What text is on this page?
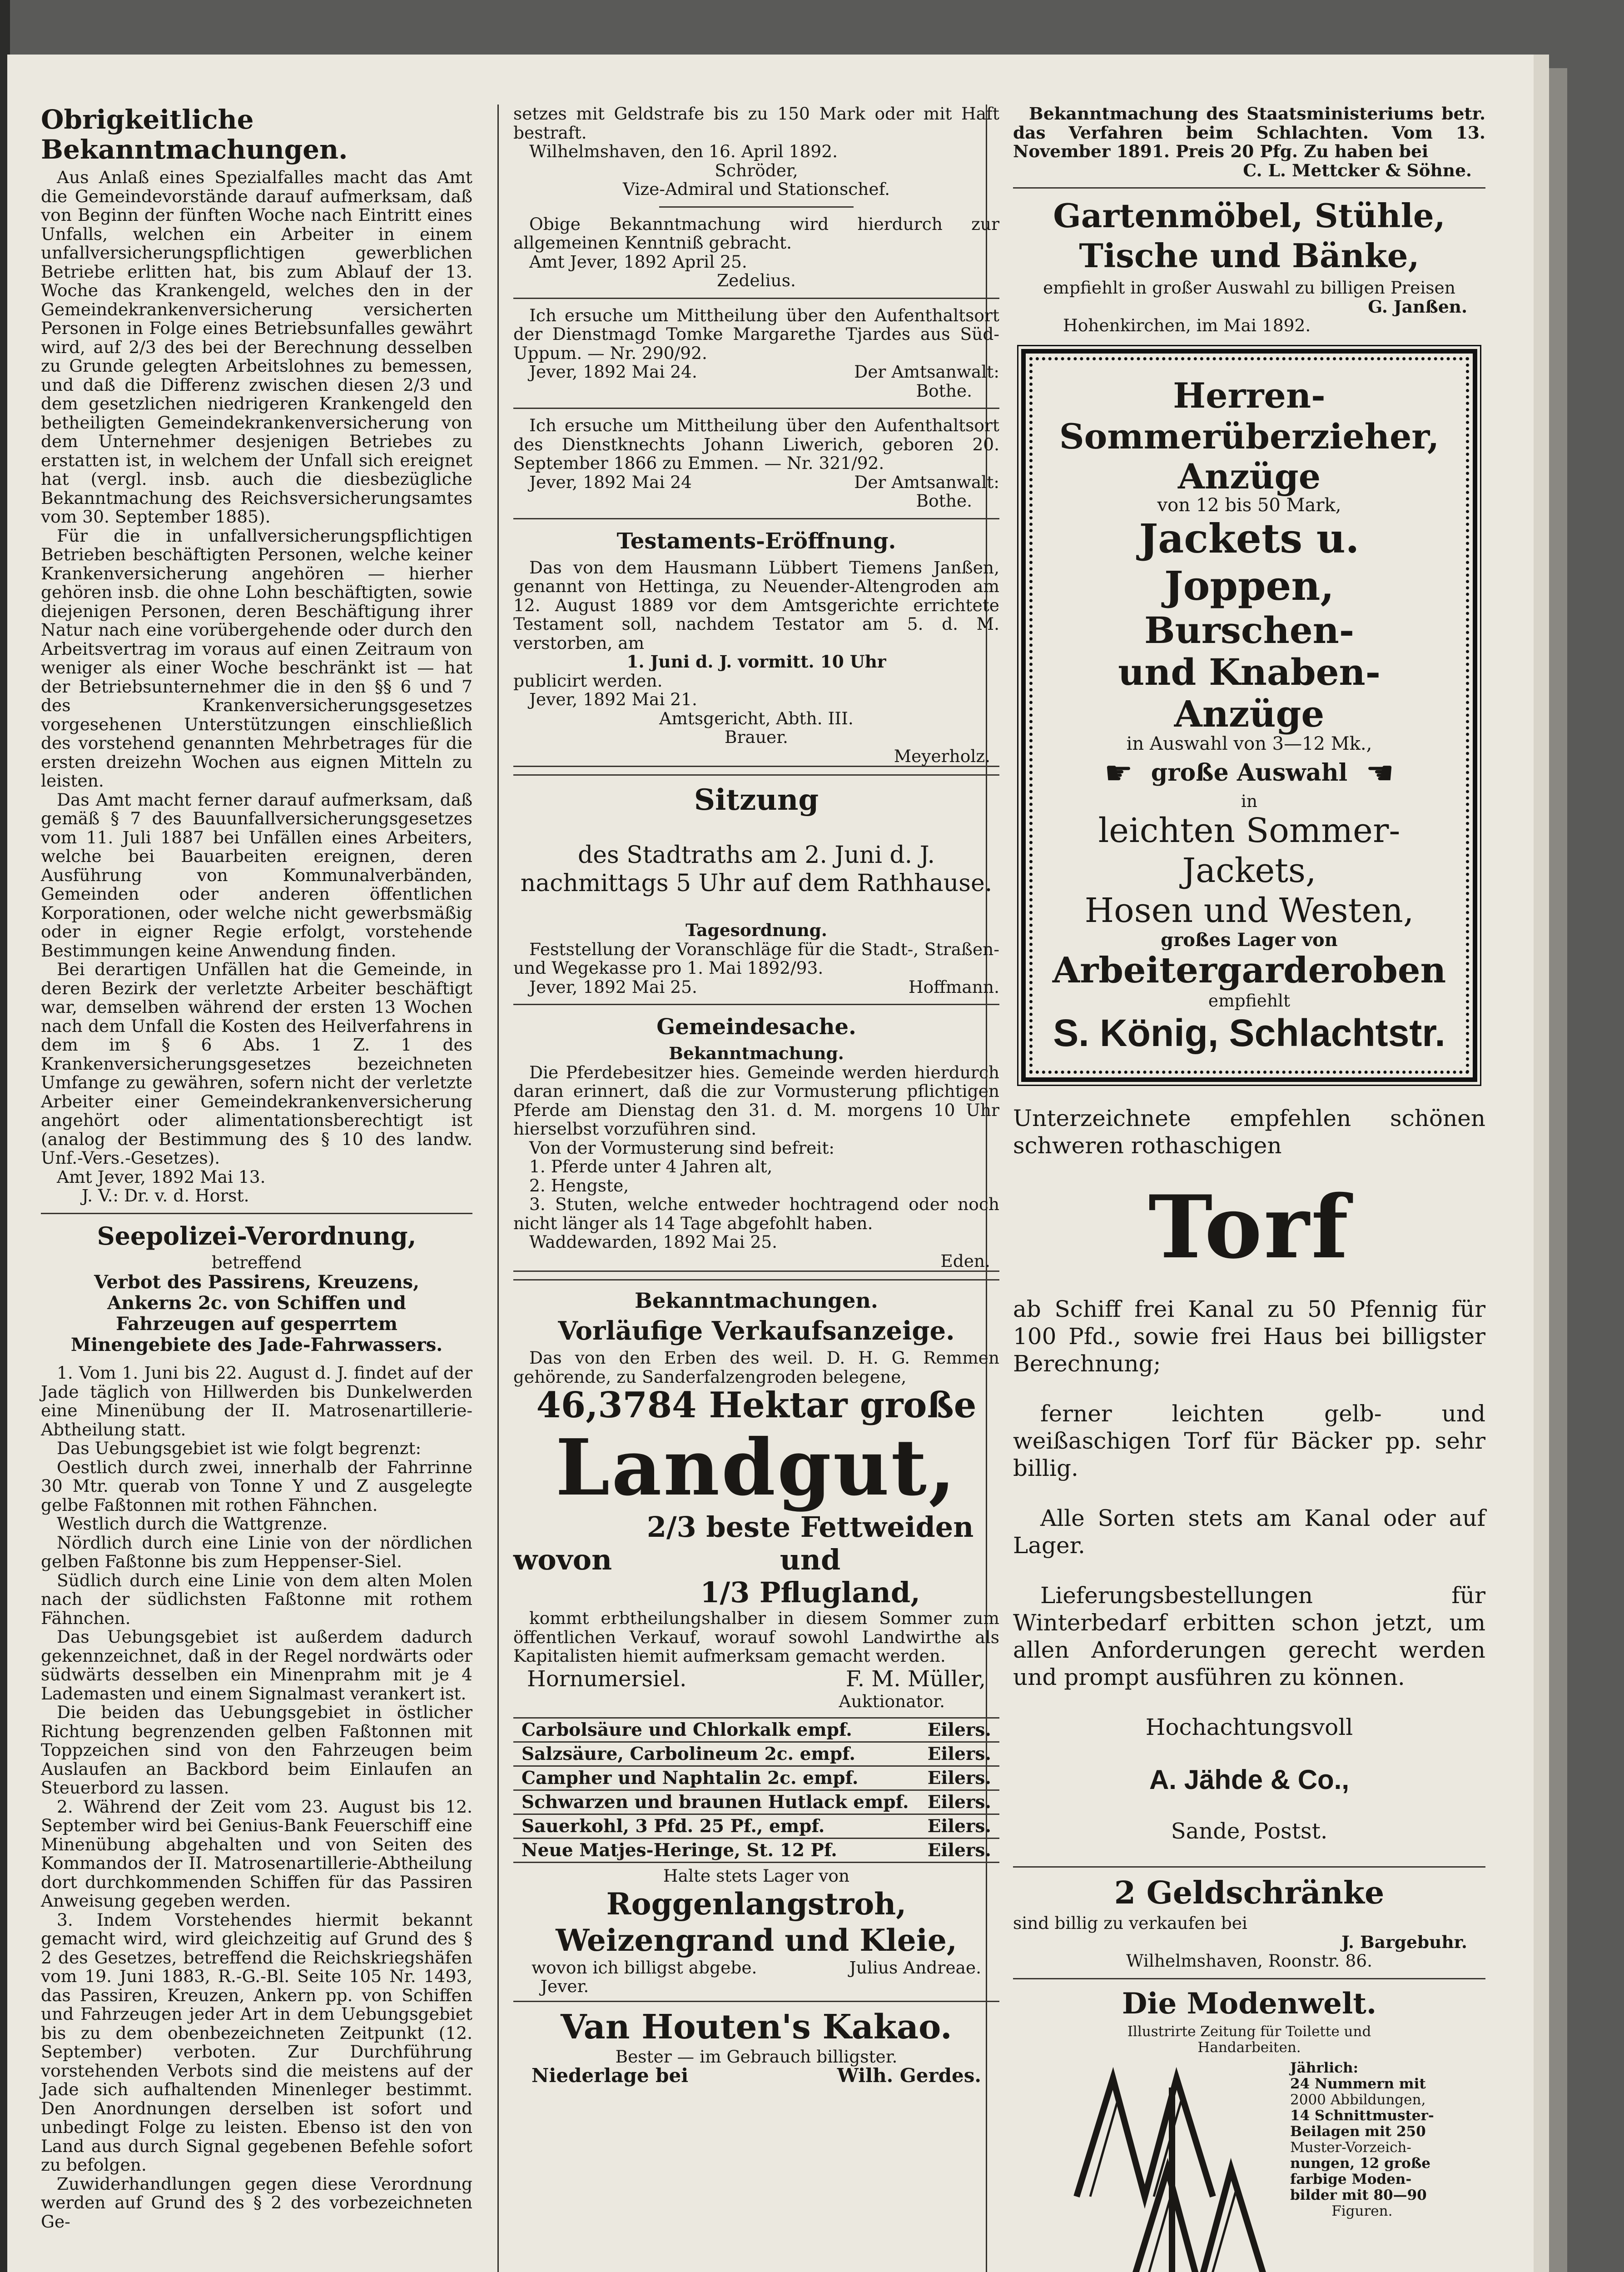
Obrigkeitliche Bekanntmachungen.

Aus Anlaß eines Spezialfalles macht das Amt die Gemeindevorstände darauf aufmerksam, daß von Beginn der fünften Woche nach Eintritt eines Unfalls, welchen ein Arbeiter in einem unfallversicherungspflichtigen gewerblichen Betriebe erlitten hat, bis zum Ablauf der 13. Woche das Krankengeld, welches den in der Gemeindekrankenversicherung versicherten Personen in Folge eines Betriebsunfalles gewährt wird, auf 2/3 des bei der Berechnung desselben zu Grunde gelegten Arbeitslohnes zu bemessen, und daß die Differenz zwischen diesen 2/3 und dem gesetzlichen niedrigeren Krankengeld den betheiligten Gemeindekrankenversicherung von dem Unternehmer desjenigen Betriebes zu erstatten ist, in welchem der Unfall sich ereignet hat (vergl. insb. auch die diesbezügliche Bekanntmachung des Reichsversicherungsamtes vom 30. September 1885).

Für die in unfallversicherungspflichtigen Betrieben beschäftigten Personen, welche keiner Krankenversicherung angehören — hierher gehören insb. die ohne Lohn beschäftigten, sowie diejenigen Personen, deren Beschäftigung ihrer Natur nach eine vorübergehende oder durch den Arbeitsvertrag im voraus auf einen Zeitraum von weniger als einer Woche beschränkt ist — hat der Betriebsunternehmer die in den §§ 6 und 7 des Krankenversicherungsgesetzes vorgesehenen Unterstützungen einschließlich des vorstehend genannten Mehrbetrages für die ersten dreizehn Wochen aus eignen Mitteln zu leisten.

Das Amt macht ferner darauf aufmerksam, daß gemäß § 7 des Bauunfallversicherungsgesetzes vom 11. Juli 1887 bei Unfällen eines Arbeiters, welche bei Bauarbeiten ereignen, deren Ausführung von Kommunalverbänden, Gemeinden oder anderen öffentlichen Korporationen, oder welche nicht gewerbsmäßig oder in eigner Regie erfolgt, vorstehende Bestimmungen keine Anwendung finden.

Bei derartigen Unfällen hat die Gemeinde, in deren Bezirk der verletzte Arbeiter beschäftigt war, demselben während der ersten 13 Wochen nach dem Unfall die Kosten des Heilverfahrens in dem im § 6 Abs. 1 Z. 1 des Krankenversicherungsgesetzes bezeichneten Umfange zu gewähren, sofern nicht der verletzte Arbeiter einer Gemeindekrankenversicherung angehört oder alimentationsberechtigt ist (analog der Bestimmung des § 10 des landw. Unf.-Vers.-Gesetzes).

Amt Jever, 1892 Mai 13.

J. V.: Dr. v. d. Horst.

Seepolizei-Verordnung,

betreffend

Verbot des Passirens, Kreuzens, Ankerns 2c. von Schiffen und Fahrzeugen auf gesperrtem Minengebiete des Jade-Fahrwassers.

1. Vom 1. Juni bis 22. August d. J. findet auf der Jade täglich von Hillwerden bis Dunkelwerden eine Minenübung der II. Matrosenartillerie-Abtheilung statt.

Das Uebungsgebiet ist wie folgt begrenzt:

Oestlich durch zwei, innerhalb der Fahrrinne 30 Mtr. querab von Tonne Y und Z ausgelegte gelbe Faßtonnen mit rothen Fähnchen.

Westlich durch die Wattgrenze.

Nördlich durch eine Linie von der nördlichen gelben Faßtonne bis zum Heppenser-Siel.

Südlich durch eine Linie von dem alten Molen nach der südlichsten Faßtonne mit rothem Fähnchen.

Das Uebungsgebiet ist außerdem dadurch gekennzeichnet, daß in der Regel nordwärts oder südwärts desselben ein Minenprahm mit je 4 Lademasten und einem Signalmast verankert ist.

Die beiden das Uebungsgebiet in östlicher Richtung begrenzenden gelben Faßtonnen mit Toppzeichen sind von den Fahrzeugen beim Auslaufen an Backbord beim Einlaufen an Steuerbord zu lassen.

2. Während der Zeit vom 23. August bis 12. September wird bei Genius-Bank Feuerschiff eine Minenübung abgehalten und von Seiten des Kommandos der II. Matrosenartillerie-Abtheilung dort durchkommenden Schiffen für das Passiren Anweisung gegeben werden.

3. Indem Vorstehendes hiermit bekannt gemacht wird, wird gleichzeitig auf Grund des § 2 des Gesetzes, betreffend die Reichskriegshäfen vom 19. Juni 1883, R.-G.-Bl. Seite 105 Nr. 1493, das Passiren, Kreuzen, Ankern pp. von Schiffen und Fahrzeugen jeder Art in dem Uebungsgebiet bis zu dem obenbezeichneten Zeitpunkt (12. September) verboten. Zur Durchführung vorstehenden Verbots sind die meistens auf der Jade sich aufhaltenden Minenleger bestimmt. Den Anordnungen derselben ist sofort und unbedingt Folge zu leisten. Ebenso ist den von Land aus durch Signal gegebenen Befehle sofort zu befolgen.

Zuwiderhandlungen gegen diese Verordnung werden auf Grund des § 2 des vorbezeichneten Ge-

setzes mit Geldstrafe bis zu 150 Mark oder mit Haft bestraft.

Wilhelmshaven, den 16. April 1892.

Schröder,

Vize-Admiral und Stationschef.

Obige Bekanntmachung wird hierdurch zur allgemeinen Kenntniß gebracht.

Amt Jever, 1892 April 25.

Zedelius.

Ich ersuche um Mittheilung über den Aufenthaltsort der Dienstmagd Tomke Margarethe Tjardes aus Süd-Uppum. — Nr. 290/92.

Jever, 1892 Mai 24.	Der Amtsanwalt:

Bothe.

Ich ersuche um Mittheilung über den Aufenthaltsort des Dienstknechts Johann Liwerich, geboren 20. September 1866 zu Emmen. — Nr. 321/92.

Jever, 1892 Mai 24	Der Amtsanwalt:

Bothe.

Testaments-Eröffnung.

Das von dem Hausmann Lübbert Tiemens Janßen, genannt von Hettinga, zu Neuender-Altengroden am 12. August 1889 vor dem Amtsgerichte errichtete Testament soll, nachdem Testator am 5. d. M. verstorben, am

1. Juni d. J. vormitt. 10 Uhr

publicirt werden.

Jever, 1892 Mai 21.

Amtsgericht, Abth. III.

Brauer.

Meyerholz.

Sitzung

des Stadtraths am 2. Juni d. J. nachmittags 5 Uhr auf dem Rathhause.

Tagesordnung.

Feststellung der Voranschläge für die Stadt-, Straßen- und Wegekasse pro 1. Mai 1892/93.

Jever, 1892 Mai 25.	Hoffmann.
Gemeindesache.

Bekanntmachung.

Die Pferdebesitzer hies. Gemeinde werden hierdurch daran erinnert, daß die zur Vormusterung pflichtigen Pferde am Dienstag den 31. d. M. morgens 10 Uhr hierselbst vorzuführen sind.

Von der Vormusterung sind befreit:

1. Pferde unter 4 Jahren alt,

2. Hengste,

3. Stuten, welche entweder hochtragend oder noch nicht länger als 14 Tage abgefohlt haben.

Waddewarden, 1892 Mai 25.

Eden.

Bekanntmachungen.
Vorläufige Verkaufsanzeige.

Das von den Erben des weil. D. H. G. Remmen gehörende, zu Sanderfalzengroden belegene,

46,3784 Hektar große
Landgut,
wovon
2/3 beste Fettweiden und
1/3 Pflugland,

kommt erbtheilungshalber in diesem Sommer zum öffentlichen Verkauf, worauf sowohl Landwirthe als Kapitalisten hiemit aufmerksam gemacht werden.

Hornumersiel.	F. M. Müller,

Auktionator.

Carbolsäure und Chlorkalk empf.	Eilers.
Salzsäure, Carbolineum 2c. empf.	Eilers.
Campher und Naphtalin 2c. empf.	Eilers.
Schwarzen und braunen Hutlack empf. Eilers.
Sauerkohl, 3 Pfd. 25 Pf., empf.	Eilers.
Neue Matjes-Heringe, St. 12 Pf.	Eilers.

Halte stets Lager von

Roggenlangstroh, Weizengrand und Kleie,
wovon ich billigst abgebe.	Julius Andreae.

Jever.

Van Houten's Kakao.

Bester — im Gebrauch billigster.

Niederlage bei	Wilh. Gerdes.

Bekanntmachung des Staatsministeriums betr. das Verfahren beim Schlachten. Vom 13. November 1891. Preis 20 Pfg. Zu haben bei

C. L. Mettcker & Söhne.

Gartenmöbel, Stühle, Tische und Bänke,

empfiehlt in großer Auswahl zu billigen Preisen

G. Janßen.

Hohenkirchen, im Mai 1892.

Herren-Sommerüberzieher,
Anzüge

von 12 bis 50 Mark,

Jackets u. Joppen,
Burschen-
und Knaben-Anzüge

in Auswahl von 3—12 Mk.,

☛ große Auswahl ☚

in

leichten Sommer-Jackets,
Hosen und Westen,

großes Lager von

Arbeitergarderoben

empfiehlt

S. König, Schlachtstr.

Unterzeichnete empfehlen schönen schweren rothaschigen

Torf

ab Schiff frei Kanal zu 50 Pfennig für 100 Pfd., sowie frei Haus bei billigster Berechnung;

ferner leichten gelb- und weißaschigen Torf für Bäcker pp. sehr billig.

Alle Sorten stets am Kanal oder auf Lager.

Lieferungsbestellungen für Winterbedarf erbitten schon jetzt, um allen Anforderungen gerecht werden und prompt ausführen zu können.

Hochachtungsvoll

A. Jähde & Co.,

Sande, Postst.

2 Geldschränke

sind billig zu verkaufen bei

J. Bargebuhr.

Wilhelmshaven, Roonstr. 86.

Die Modenwelt.

Illustrirte Zeitung für Toilette und Handarbeiten.

Jährlich:

24 Nummern mit

2000 Abbildungen,

14 Schnittmuster-

Beilagen mit 250

Muster-Vorzeich-

nungen, 12 große

farbige Moden-

bilder mit 80—90

Figuren.
